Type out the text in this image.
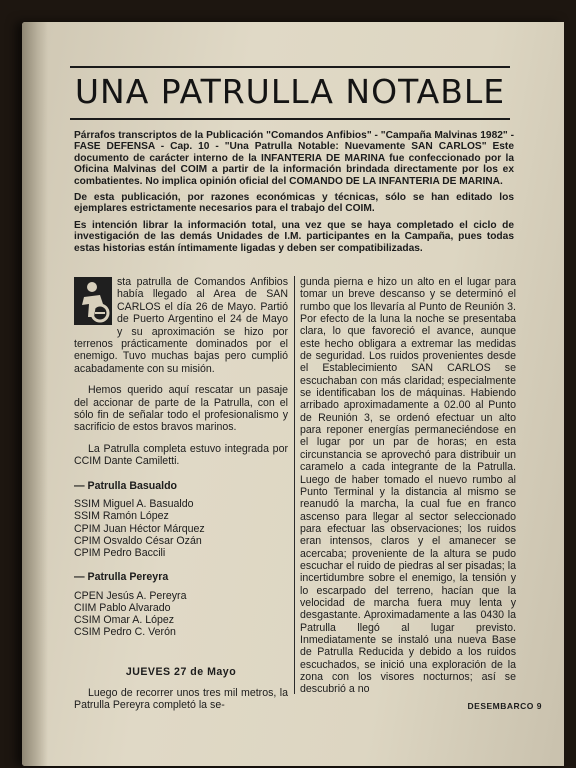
UNA PATRULLA NOTABLE

Párrafos transcriptos de la Publicación "Comandos Anfibios" - "Campaña Malvinas 1982" - FASE DEFENSA - Cap. 10 - "Una Patrulla Notable: Nuevamente SAN CARLOS" Este documento de carácter interno de la INFANTERIA DE MARINA fue confeccionado por la Oficina Malvinas del COIM a partir de la información brindada directamente por los ex combatientes. No implica opinión oficial del COMANDO DE LA INFANTERIA DE MARINA.

De esta publicación, por razones económicas y técnicas, sólo se han editado los ejemplares estrictamente necesarios para el trabajo del COIM.

Es intención librar la información total, una vez que se haya completado el ciclo de investigación de las demás Unidades de I.M. participantes en la Campaña, pues todas estas historias están íntimamente ligadas y deben ser compatibilizadas.

sta patrulla de Comandos Anfibios había llegado al Area de SAN CARLOS el día 26 de Mayo. Partió de Puerto Argentino el 24 de Mayo y su aproximación se hizo por terrenos prácticamente dominados por el enemigo. Tuvo muchas bajas pero cumplió acabadamente con su misión.

Hemos querido aquí rescatar un pasaje del accionar de parte de la Patrulla, con el sólo fin de señalar todo el profesionalismo y sacrificio de estos bravos marinos.

La Patrulla completa estuvo integrada por CCIM Dante Camiletti.

— Patrulla Basualdo
SSIM Miguel A. Basualdo
SSIM Ramón López
CPIM Juan Héctor Márquez
CPIM Osvaldo César Ozán
CPIM Pedro Baccili
— Patrulla Pereyra
CPEN Jesús A. Pereyra
CIIM Pablo Alvarado
CSIM Omar A. López
CSIM Pedro C. Verón
JUEVES 27 de Mayo

Luego de recorrer unos tres mil metros, la Patrulla Pereyra completó la se-

gunda pierna e hizo un alto en el lugar para tomar un breve descanso y se determinó el rumbo que los llevaría al Punto de Reunión 3. Por efecto de la luna la noche se presentaba clara, lo que favoreció el avance, aunque este hecho obligara a extremar las medidas de seguridad. Los ruidos provenientes desde el Establecimiento SAN CARLOS se escuchaban con más claridad; especialmente se identificaban los de máquinas. Habiendo arribado aproximadamente a 02.00 al Punto de Reunión 3, se ordenó efectuar un alto para reponer energías permaneciéndose en el lugar por un par de horas; en esta circunstancia se aprovechó para distribuir un caramelo a cada integrante de la Patrulla. Luego de haber tomado el nuevo rumbo al Punto Terminal y la distancia al mismo se reanudó la marcha, la cual fue en franco ascenso para llegar al sector seleccionado para efectuar las observaciones; los ruidos eran intensos, claros y el amanecer se acercaba; proveniente de la altura se pudo escuchar el ruido de piedras al ser pisadas; la incertidumbre sobre el enemigo, la tensión y lo escarpado del terreno, hacían que la velocidad de marcha fuera muy lenta y desgastante. Aproximadamente a las 0430 la Patrulla llegó al lugar previsto. Inmediatamente se instaló una nueva Base de Patrulla Reducida y debido a los ruidos escuchados, se inició una exploración de la zona con los visores nocturnos; así se descubrió a no

DESEMBARCO 9
